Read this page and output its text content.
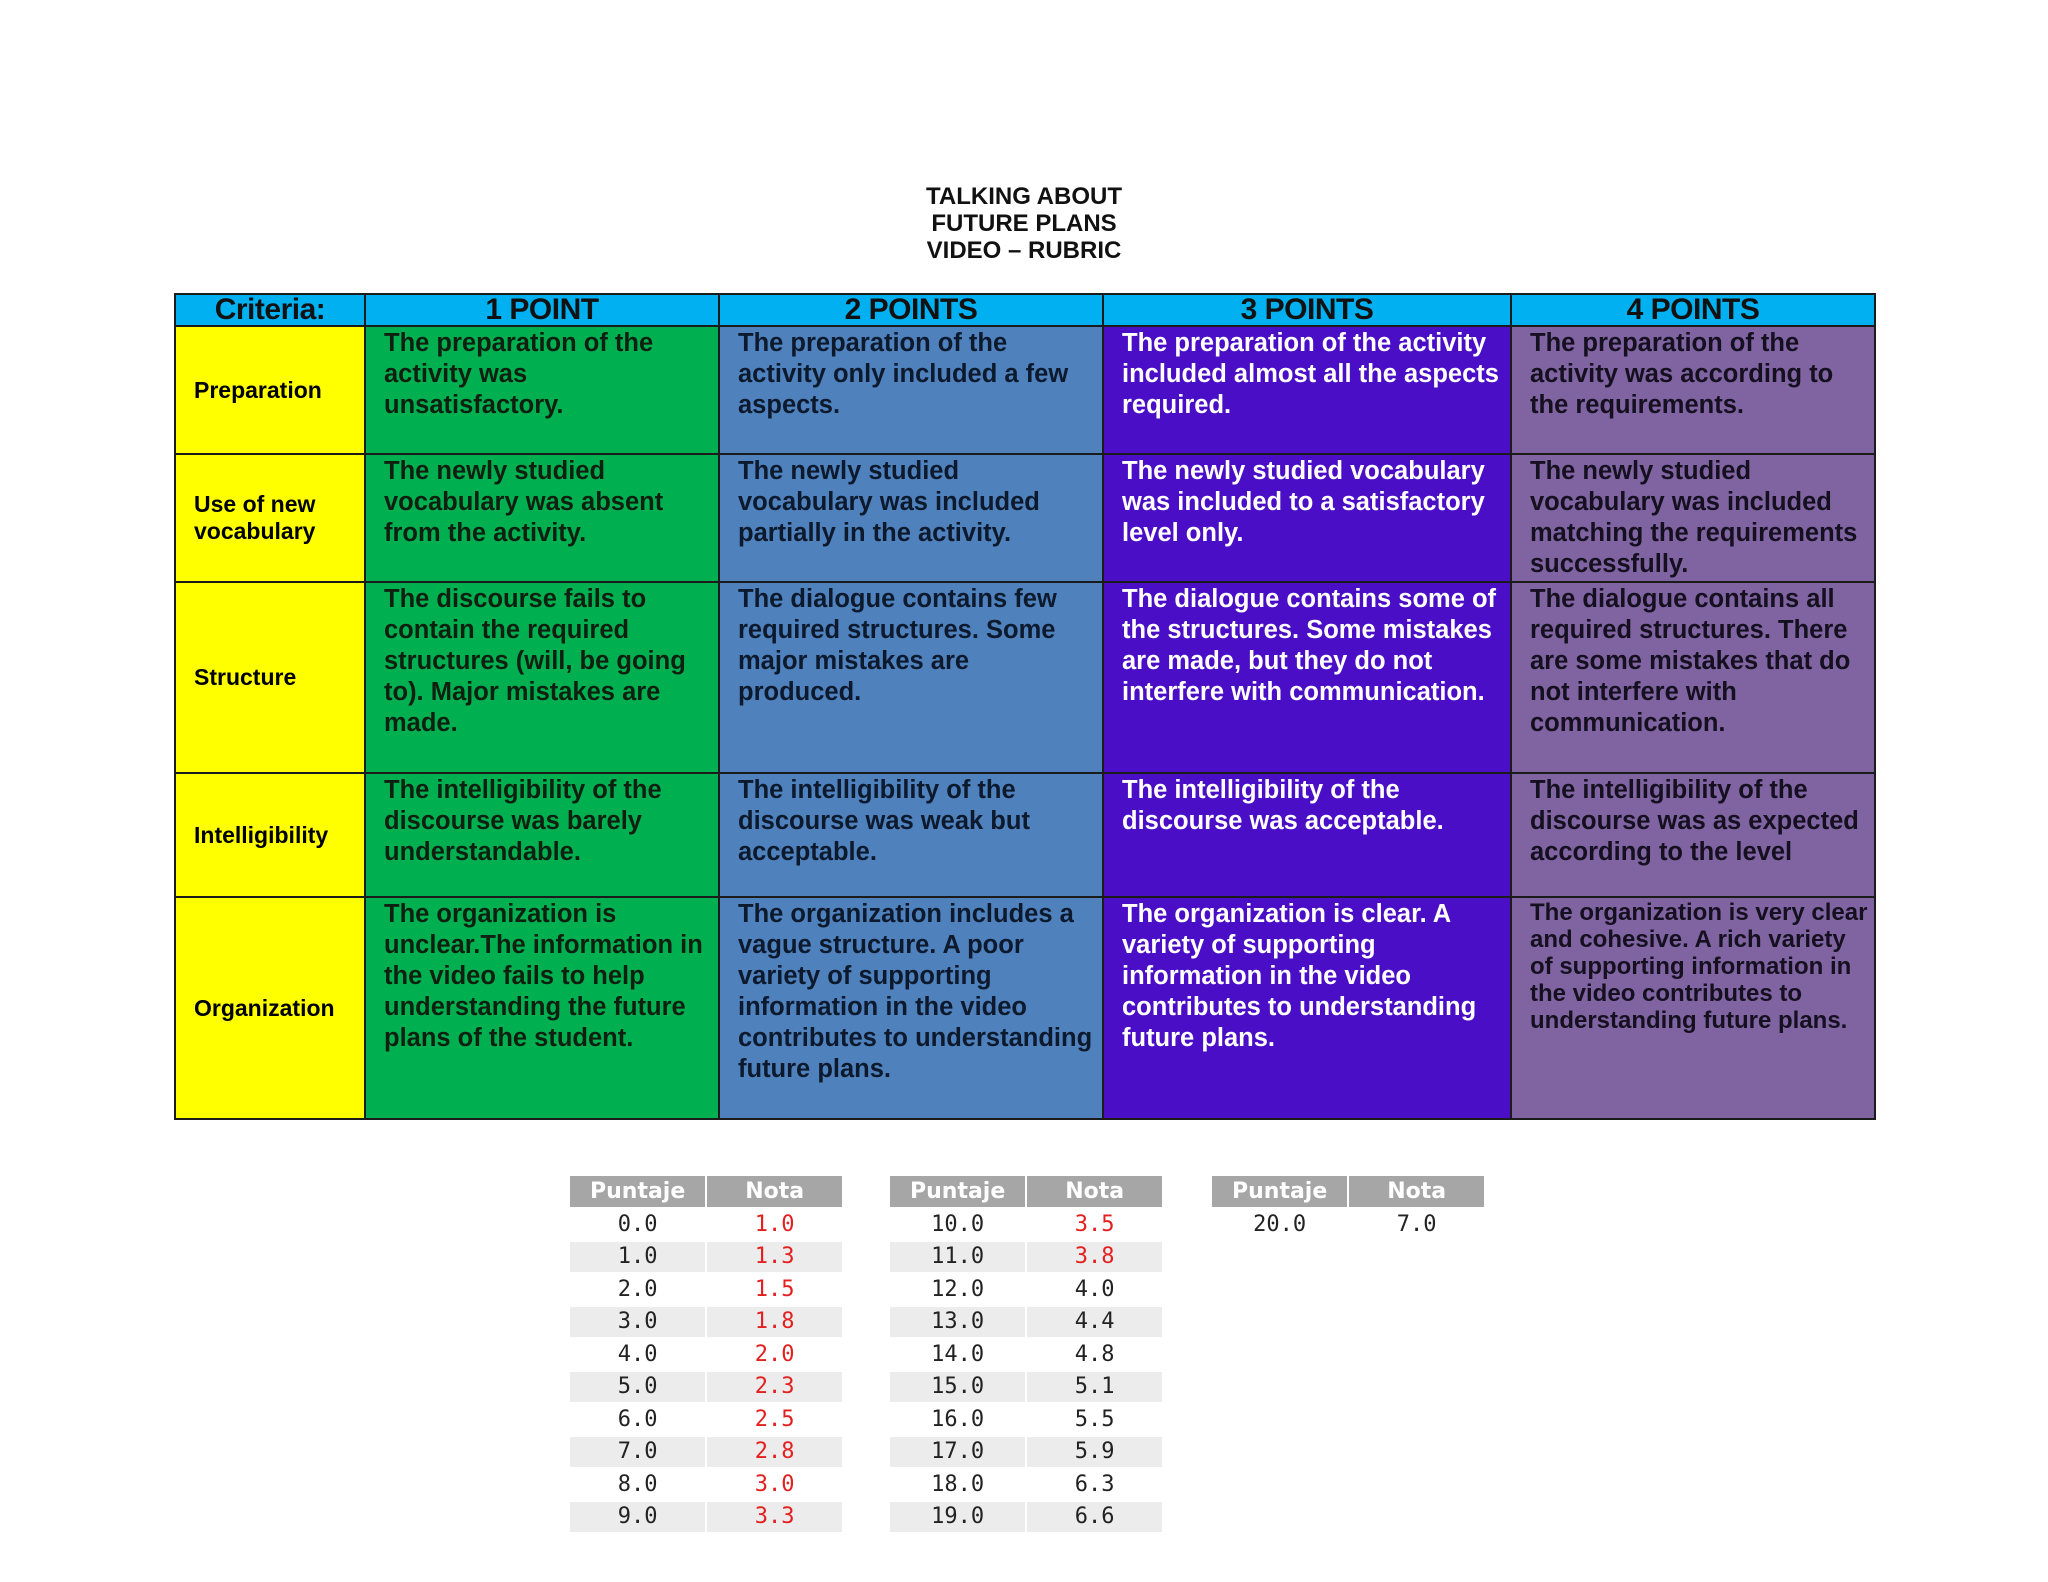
TALKING ABOUT
FUTURE PLANS
VIDEO – RUBRIC
Criteria:	1 POINT	2 POINTS	3 POINTS	4 POINTS
Preparation	The preparation of the activity was unsatisfactory.	The preparation of the activity only included a few aspects.	The preparation of the activity included almost all the aspects required.	The preparation of the activity was according to the requirements.
Use of new vocabulary	The newly studied vocabulary was absent from the activity.	The newly studied vocabulary was included partially in the activity.	The newly studied vocabulary was included to a satisfactory level only.	The newly studied vocabulary was included matching the requirements successfully.
Structure	The discourse fails to contain the required structures (will, be going to). Major mistakes are made.	The dialogue contains few required structures. Some major mistakes are produced.	The dialogue contains some of the structures. Some mistakes are made, but they do not interfere with communication.	The dialogue contains all required structures. There are some mistakes that do not interfere with communication.
Intelligibility	The intelligibility of the discourse was barely understandable.	The intelligibility of the discourse was weak but acceptable.	The intelligibility of the discourse was acceptable.	The intelligibility of the discourse was as expected according to the level
Organization	The organization is unclear.The information in the video fails to help understanding the future plans of the student.	The organization includes a vague structure. A poor variety of supporting information in the video contributes to understanding future plans.	The organization is clear. A variety of supporting information in the video contributes to understanding future plans.	The organization is very clear and cohesive. A rich variety of supporting information in the video contributes to understanding future plans.
Puntaje	Nota
0.0	1.0
1.0	1.3
2.0	1.5
3.0	1.8
4.0	2.0
5.0	2.3
6.0	2.5
7.0	2.8
8.0	3.0
9.0	3.3
Puntaje	Nota
10.0	3.5
11.0	3.8
12.0	4.0
13.0	4.4
14.0	4.8
15.0	5.1
16.0	5.5
17.0	5.9
18.0	6.3
19.0	6.6
Puntaje	Nota
20.0	7.0
